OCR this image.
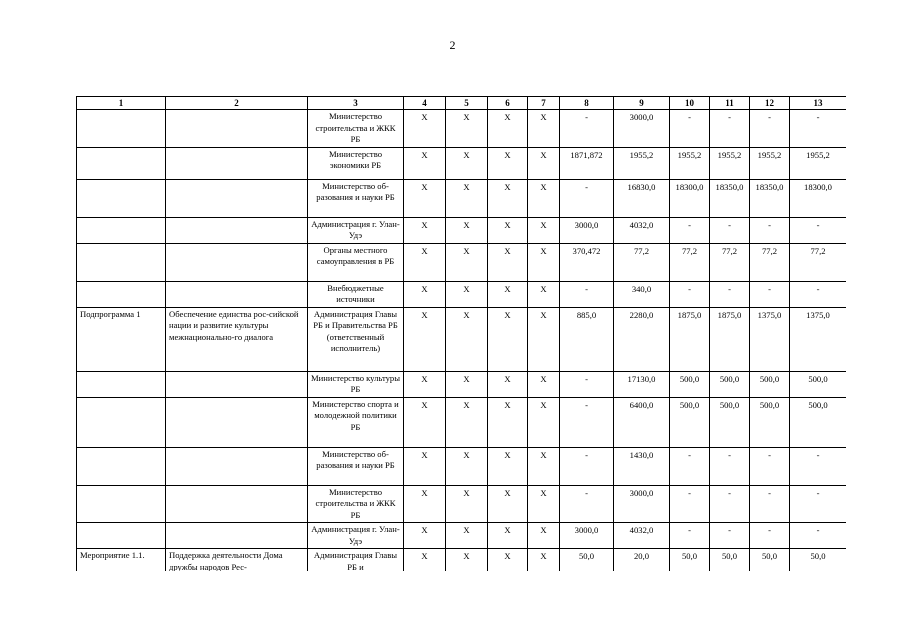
2
1	2	3	4	5	6	7	8	9	10	11	12	13
		Министерство строительства и ЖКК РБ	Х	Х	Х	Х	-	3000,0	-	-	-	-
		Министерство экономики РБ	Х	Х	Х	Х	1871,872	1955,2	1955,2	1955,2	1955,2	1955,2
		Министерство об-разования и науки РБ	Х	Х	Х	Х	-	16830,0	18300,0	18350,0	18350,0	18300,0
		Администрация г. Улан-Удэ	Х	Х	Х	Х	3000,0	4032,0	-	-	-	-
		Органы местного самоуправления в РБ	Х	Х	Х	Х	370,472	77,2	77,2	77,2	77,2	77,2
		Внебюджетные источники	Х	Х	Х	Х	-	340,0	-	-	-	-
Подпрограмма 1	Обеспечение единства рос-сийской нации и развитие культуры межнационально-го диалога	Администрация Главы РБ и Правительства РБ (ответственный исполнитель)	Х	Х	Х	Х	885,0	2280,0	1875,0	1875,0	1375,0	1375,0
		Министерство культуры РБ	Х	Х	Х	Х	-	17130,0	500,0	500,0	500,0	500,0
		Министерство спорта и молодежной политики РБ	Х	Х	Х	Х	-	6400,0	500,0	500,0	500,0	500,0
		Министерство об-разования и науки РБ	Х	Х	Х	Х	-	1430,0	-	-	-	-
		Министерство строительства и ЖКК РБ	Х	Х	Х	Х	-	3000,0	-	-	-	-
		Администрация г. Улан-Удэ	Х	Х	Х	Х	3000,0	4032,0	-	-	-	-
Мероприятие 1.1.	Поддержка деятельности Дома дружбы народов Рес-	Администрация Главы РБ и	Х	Х	Х	Х	50,0	20,0	50,0	50,0	50,0	50,0
